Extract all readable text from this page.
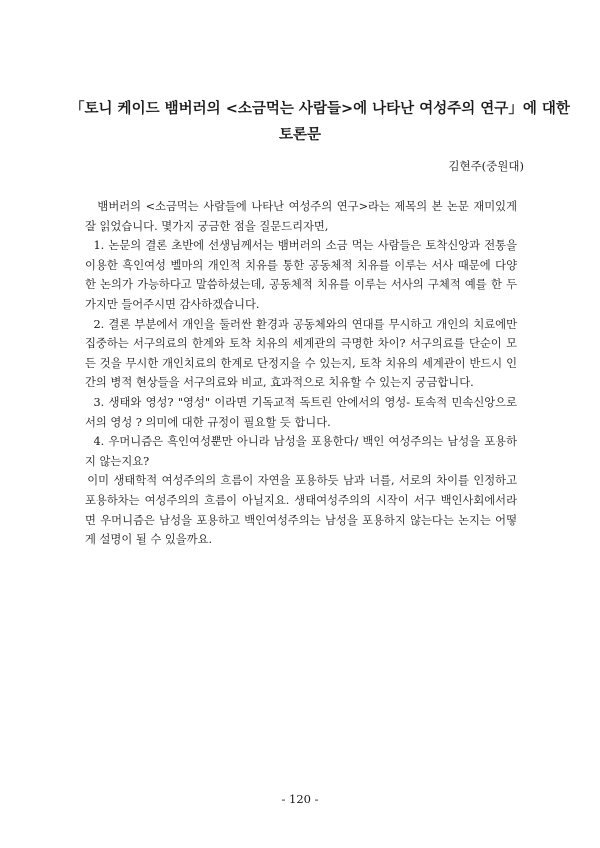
「토니 케이드 뱀버러의 <소금먹는 사람들>에 나타난 여성주의 연구」에 대한
토론문
김현주(중원대)

뱀버러의 <소금먹는 사람들에 나타난 여성주의 연구>라는 제목의 본 논문 재미있게 잘 읽었습니다. 몇가지 궁금한 점을 질문드리자면,

1. 논문의 결론 초반에 선생님께서는 뱀버러의 소금 먹는 사람들은 토착신앙과 전통을 이용한 흑인여성 벨마의 개인적 치유를 통한 공동체적 치유를 이루는 서사 때문에 다양한 논의가 가능하다고 말씀하셨는데, 공동체적 치유를 이루는 서사의 구체적 예를 한 두 가지만 들어주시면 감사하겠습니다.

2. 결론 부분에서 개인을 둘러싼 환경과 공동체와의 연대를 무시하고 개인의 치료에만 집중하는 서구의료의 한계와 토착 치유의 세계관의 극명한 차이? 서구의료를 단순이 모든 것을 무시한 개인치료의 한계로 단정지을 수 있는지, 토착 치유의 세계관이 반드시 인간의 병적 현상들을 서구의료와 비교, 효과적으로 치유할 수 있는지 궁금합니다.

3. 생태와 영성? "영성" 이라면 기독교적 독트린 안에서의 영성- 토속적 민속신앙으로서의 영성 ? 의미에 대한 규정이 필요할 듯 합니다.

4. 우머니즘은 흑인여성뿐만 아니라 남성을 포용한다/ 백인 여성주의는 남성을 포용하지 않는지요?

이미 생태학적 여성주의의 흐름이 자연을 포용하듯 남과 너를, 서로의 차이를 인정하고 포용하차는 여성주의의 흐름이 아닐지요. 생태여성주의의 시작이 서구 백인사회에서라면 우머니즘은 남성을 포용하고 백인여성주의는 남성을 포용하지 않는다는 논지는 어떻게 설명이 될 수 있을까요.

- 120 -
